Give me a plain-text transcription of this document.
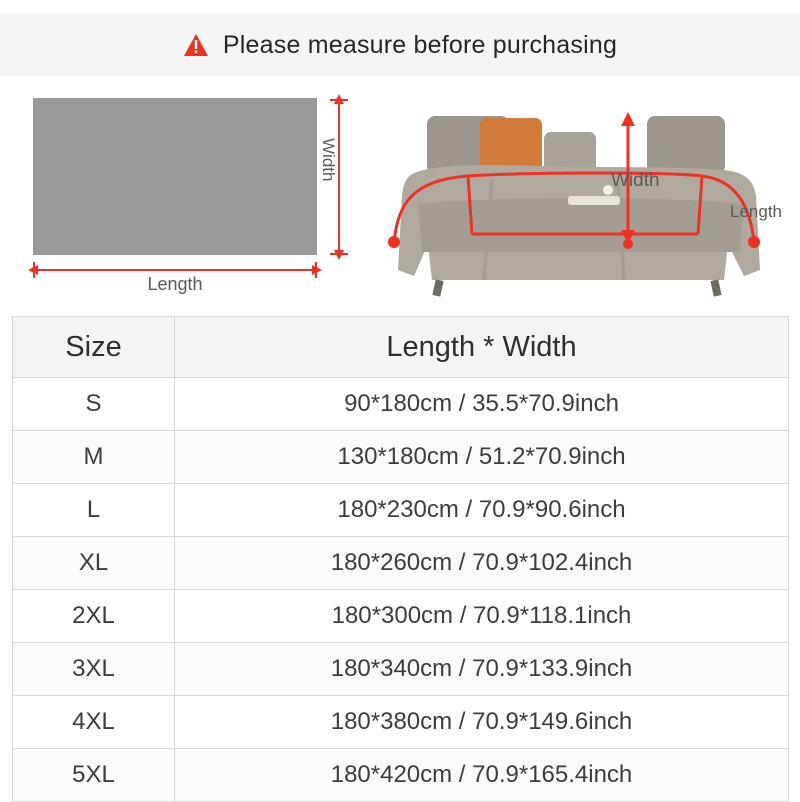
Please measure before purchasing
Length
Width	Width
Length
Size	Length * Width
S	90*180cm / 35.5*70.9inch
M	130*180cm / 51.2*70.9inch
L	180*230cm / 70.9*90.6inch
XL	180*260cm / 70.9*102.4inch
2XL	180*300cm / 70.9*118.1inch
3XL	180*340cm / 70.9*133.9inch
4XL	180*380cm / 70.9*149.6inch
5XL	180*420cm / 70.9*165.4inch
